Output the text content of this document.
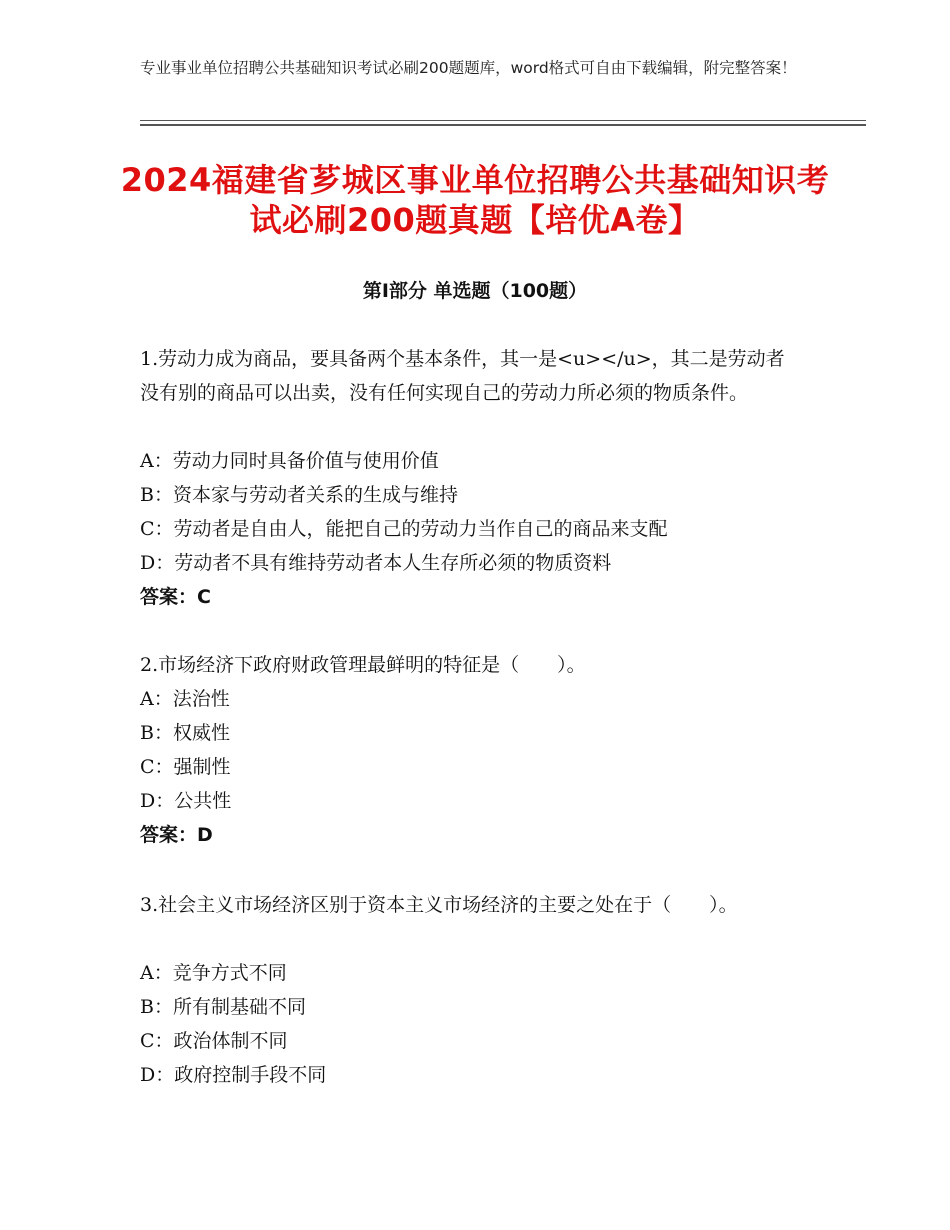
专业事业单位招聘公共基础知识考试必刷200题题库，word格式可自由下载编辑，附完整答案！
2024福建省芗城区事业单位招聘公共基础知识考试必刷200题真题【培优A卷】
第I部分 单选题（100题）
1.劳动力成为商品，要具备两个基本条件，其一是<u></u>，其二是劳动者没有别的商品可以出卖，没有任何实现自己的劳动力所必须的物质条件。
A：劳动力同时具备价值与使用价值
B：资本家与劳动者关系的生成与维持
C：劳动者是自由人，能把自己的劳动力当作自己的商品来支配
D：劳动者不具有维持劳动者本人生存所必须的物质资料
答案：C
2.市场经济下政府财政管理最鲜明的特征是（　　）。
A：法治性
B：权威性
C：强制性
D：公共性
答案：D
3.社会主义市场经济区别于资本主义市场经济的主要之处在于（　　）。
A：竞争方式不同
B：所有制基础不同
C：政治体制不同
D：政府控制手段不同
